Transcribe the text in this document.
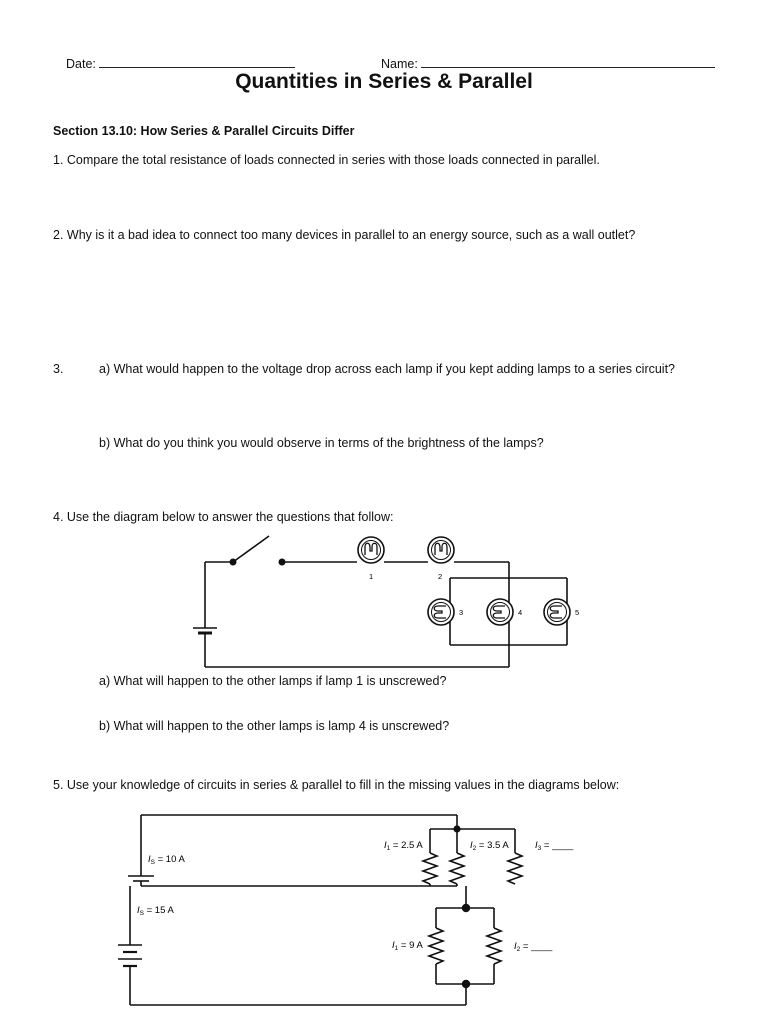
Date:	Name:
Quantities in Series & Parallel
Section 13.10: How Series & Parallel Circuits Differ
1. Compare the total resistance of loads connected in series with those loads connected in parallel.
2. Why is it a bad idea to connect too many devices in parallel to an energy source, such as a wall outlet?
3.	a) What would happen to the voltage drop across each lamp if you kept adding lamps to a series circuit?
b) What do you think you would observe in terms of the brightness of the lamps?
4. Use the diagram below to answer the questions that follow:
1	2
3	4	5
a) What will happen to the other lamps if lamp 1 is unscrewed?
b) What will happen to the other lamps is lamp 4 is unscrewed?
5. Use your knowledge of circuits in series & parallel to fill in the missing values in the diagrams below:
$I_S = 10$ A
$I_1 = 2.5$ A	$I_2 = 3.5$ A	$I_3$ = ____
$I_S = 15$ A
$I_1 = 9$ A	$I_2$ = ____
